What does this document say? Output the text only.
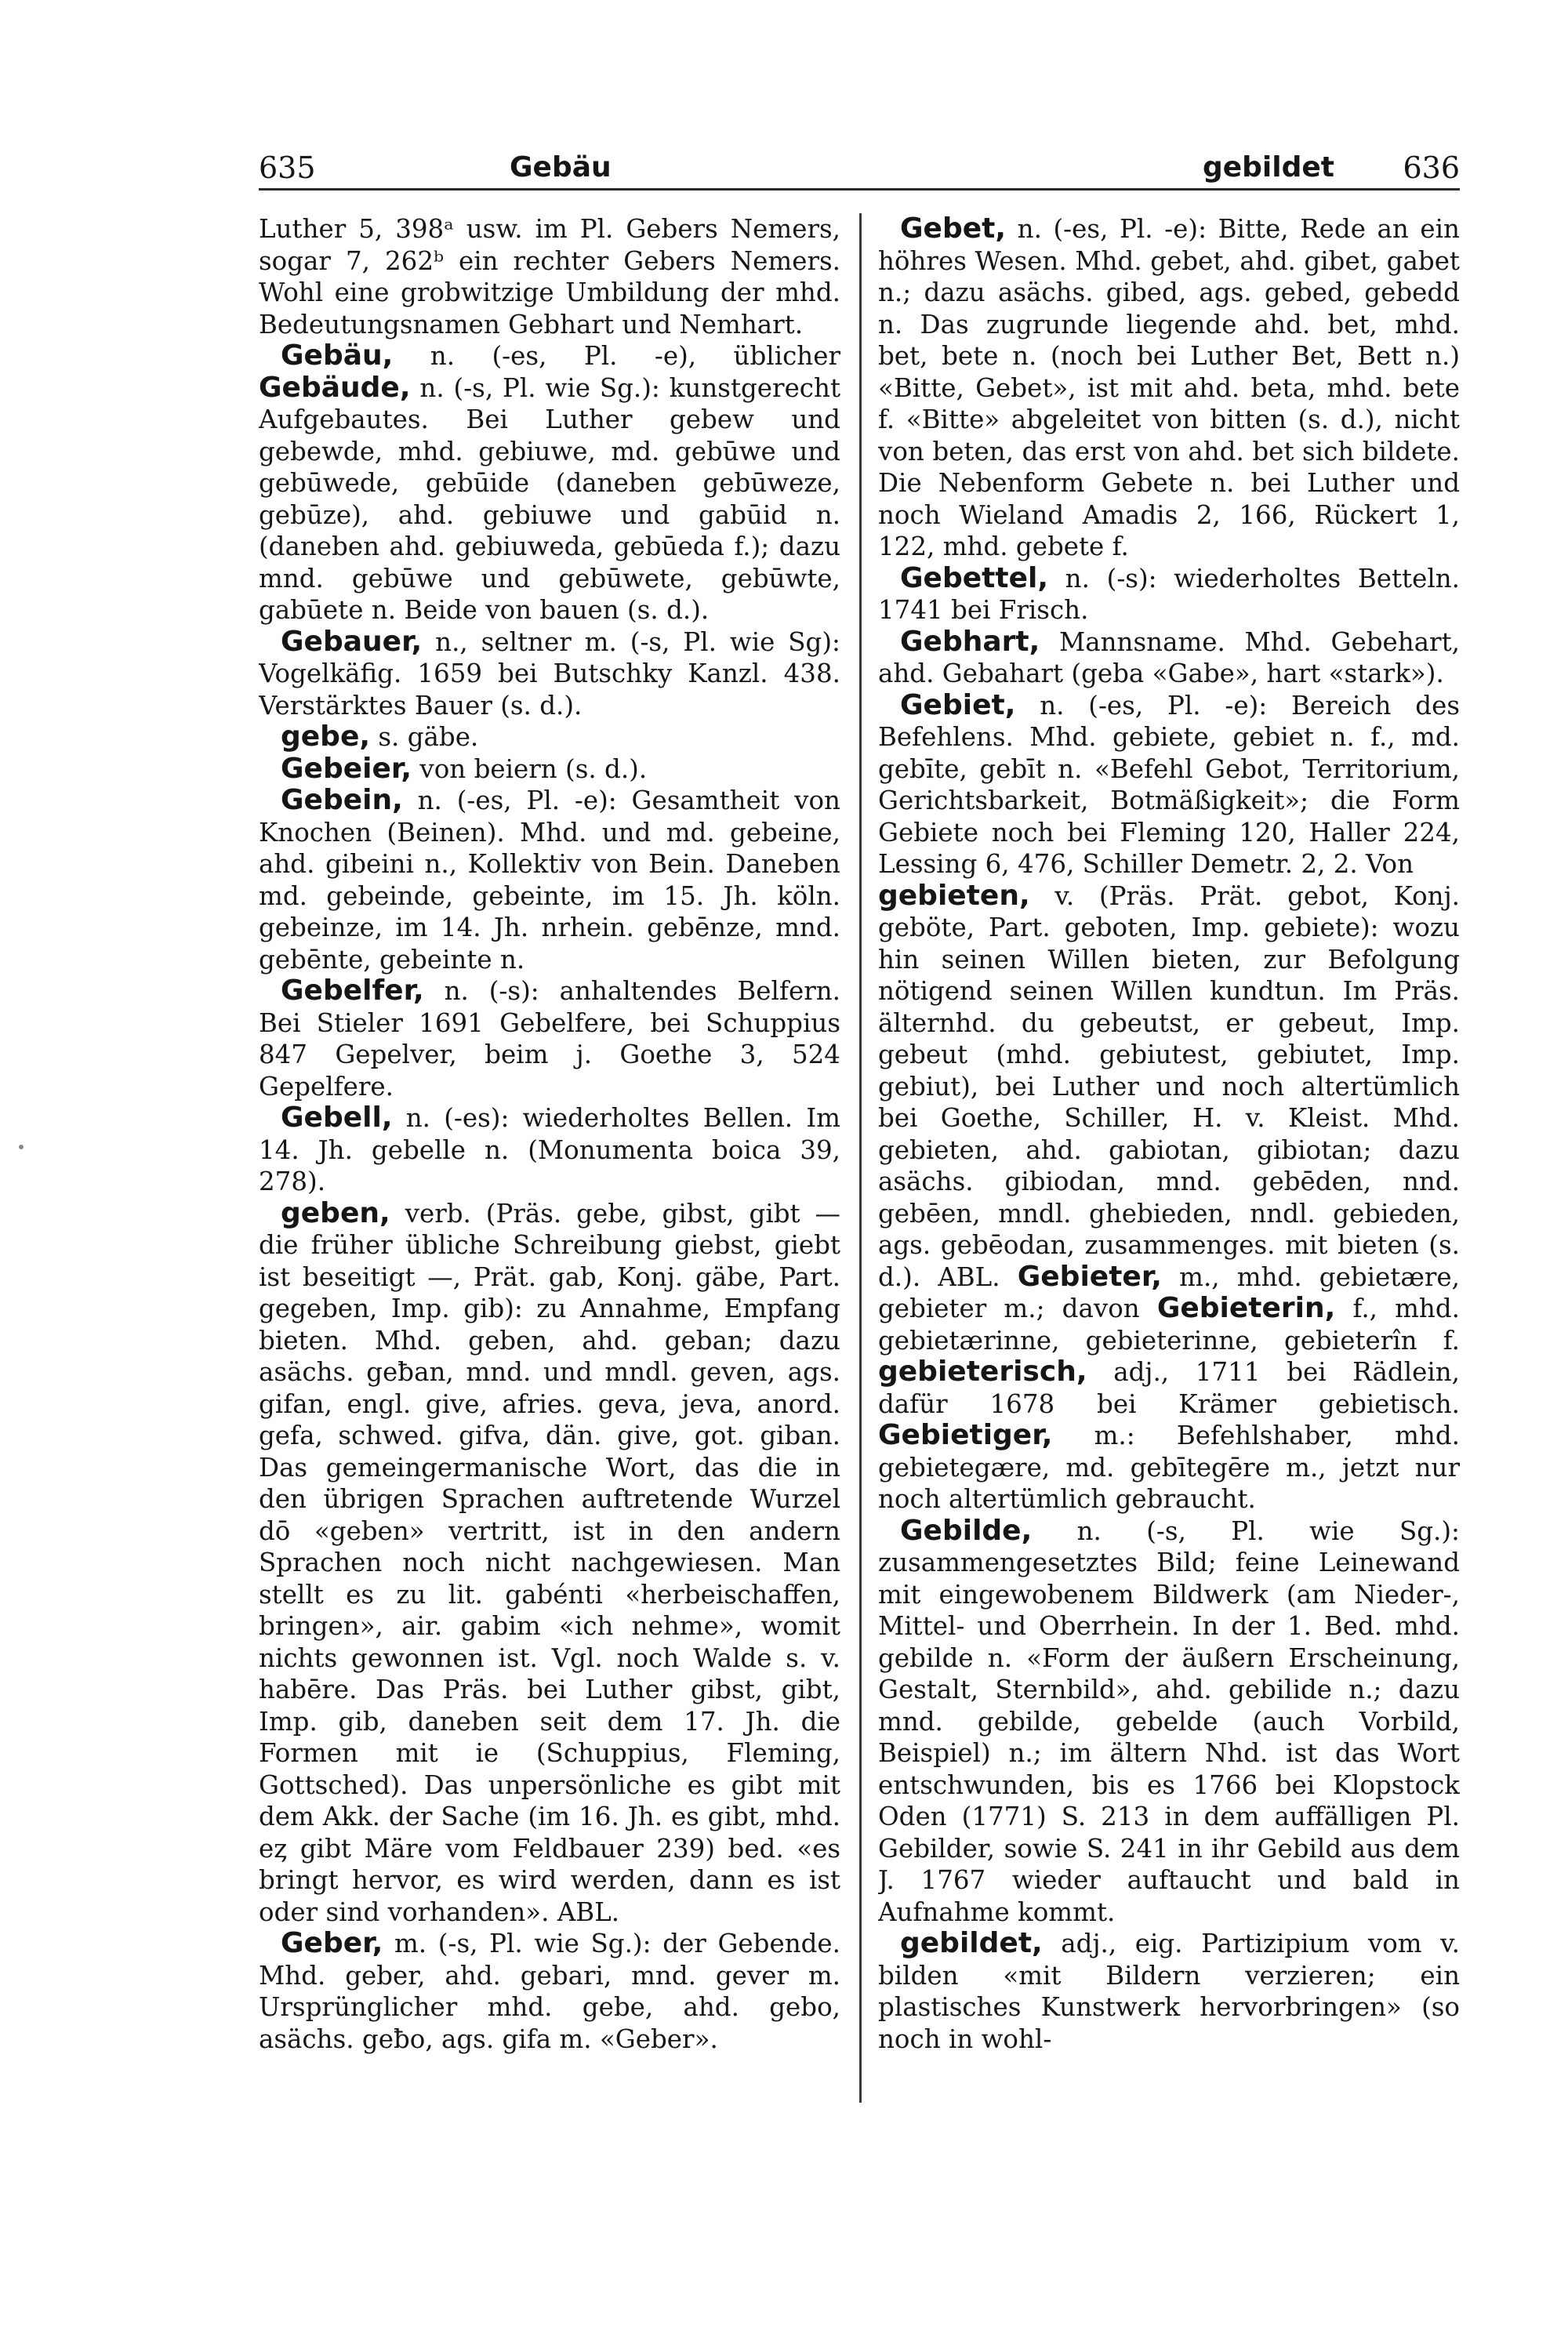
635	Gebäu	gebildet 636

Luther 5, 398ᵃ usw. im Pl. Gebers Nemers, sogar 7, 262ᵇ ein rechter Gebers Nemers. Wohl eine grobwitzige Umbildung der mhd. Bedeutungsnamen Gebhart und Nemhart.

Gebäu, n. (-es, Pl. -e), üblicher Gebäude, n. (-s, Pl. wie Sg.): kunstgerecht Aufgebautes. Bei Luther gebew und gebewde, mhd. gebiuwe, md. gebūwe und gebūwede, gebūide (daneben gebūweze, gebūze), ahd. gebiuwe und gabūid n. (daneben ahd. gebiuweda, gebūeda f.); dazu mnd. gebūwe und gebūwete, gebūwte, gabūete n. Beide von bauen (s. d.).

Gebauer, n., seltner m. (-s, Pl. wie Sg): Vogelkäfig. 1659 bei Butschky Kanzl. 438. Verstärktes Bauer (s. d.).

gebe, s. gäbe.

Gebeier, von beiern (s. d.).

Gebein, n. (-es, Pl. -e): Gesamtheit von Knochen (Beinen). Mhd. und md. gebeine, ahd. gibeini n., Kollektiv von Bein. Daneben md. gebeinde, gebeinte, im 15. Jh. köln. gebeinze, im 14. Jh. nrhein. gebēnze, mnd. gebēnte, gebeinte n.

Gebelfer, n. (-s): anhaltendes Belfern. Bei Stieler 1691 Gebelfere, bei Schuppius 847 Gepelver, beim j. Goethe 3, 524 Gepelfere.

Gebell, n. (-es): wiederholtes Bellen. Im 14. Jh. gebelle n. (Monumenta boica 39, 278).

geben, verb. (Präs. gebe, gibst, gibt — die früher übliche Schreibung giebst, giebt ist beseitigt —, Prät. gab, Konj. gäbe, Part. gegeben, Imp. gib): zu Annahme, Empfang bieten. Mhd. geben, ahd. geban; dazu asächs. geƀan, mnd. und mndl. geven, ags. gifan, engl. give, afries. geva, jeva, anord. gefa, schwed. gifva, dän. give, got. giban. Das gemeingermanische Wort, das die in den übrigen Sprachen auftretende Wurzel dō «geben» vertritt, ist in den andern Sprachen noch nicht nachgewiesen. Man stellt es zu lit. gabénti «herbeischaffen, bringen», air. gabim «ich nehme», womit nichts gewonnen ist. Vgl. noch Walde s. v. habēre. Das Präs. bei Luther gibst, gibt, Imp. gib, daneben seit dem 17. Jh. die Formen mit ie (Schuppius, Fleming, Gottsched). Das unpersönliche es gibt mit dem Akk. der Sache (im 16. Jh. es gibt, mhd. eȥ gibt Märe vom Feldbauer 239) bed. «es bringt hervor, es wird werden, dann es ist oder sind vorhanden». ABL.

Geber, m. (-s, Pl. wie Sg.): der Gebende. Mhd. geber, ahd. gebari, mnd. gever m. Ursprünglicher mhd. gebe, ahd. gebo, asächs. geƀo, ags. gifa m. «Geber».

Gebet, n. (-es, Pl. -e): Bitte, Rede an ein höhres Wesen. Mhd. gebet, ahd. gibet, gabet n.; dazu asächs. gibed, ags. gebed, gebedd n. Das zugrunde liegende ahd. bet, mhd. bet, bete n. (noch bei Luther Bet, Bett n.) «Bitte, Gebet», ist mit ahd. beta, mhd. bete f. «Bitte» abgeleitet von bitten (s. d.), nicht von beten, das erst von ahd. bet sich bildete. Die Nebenform Gebete n. bei Luther und noch Wieland Amadis 2, 166, Rückert 1, 122, mhd. gebete f.

Gebettel, n. (-s): wiederholtes Betteln. 1741 bei Frisch.

Gebhart, Mannsname. Mhd. Gebehart, ahd. Gebahart (geba «Gabe», hart «stark»).

Gebiet, n. (-es, Pl. -e): Bereich des Befehlens. Mhd. gebiete, gebiet n. f., md. gebīte, gebīt n. «Befehl Gebot, Territorium, Gerichtsbarkeit, Botmäßigkeit»; die Form Gebiete noch bei Fleming 120, Haller 224, Lessing 6, 476, Schiller Demetr. 2, 2. Von

gebieten, v. (Präs. Prät. gebot, Konj. geböte, Part. geboten, Imp. gebiete): wozu hin seinen Willen bieten, zur Befolgung nötigend seinen Willen kundtun. Im Präs. älternhd. du gebeutst, er gebeut, Imp. gebeut (mhd. gebiutest, gebiutet, Imp. gebiut), bei Luther und noch altertümlich bei Goethe, Schiller, H. v. Kleist. Mhd. gebieten, ahd. gabiotan, gibiotan; dazu asächs. gibiodan, mnd. gebēden, nnd. gebēen, mndl. ghebieden, nndl. gebieden, ags. gebēodan, zusammenges. mit bieten (s. d.). ABL. Gebieter, m., mhd. gebietære, gebieter m.; davon Gebieterin, f., mhd. gebietærinne, gebieterinne, gebieterîn f. gebieterisch, adj., 1711 bei Rädlein, dafür 1678 bei Krämer gebietisch. Gebietiger, m.: Befehlshaber, mhd. gebietegære, md. gebītegēre m., jetzt nur noch altertümlich gebraucht.

Gebilde, n. (-s, Pl. wie Sg.): zusammengesetztes Bild; feine Leinewand mit eingewobenem Bildwerk (am Nieder-, Mittel- und Oberrhein. In der 1. Bed. mhd. gebilde n. «Form der äußern Erscheinung, Gestalt, Sternbild», ahd. gebilide n.; dazu mnd. gebilde, gebelde (auch Vorbild, Beispiel) n.; im ältern Nhd. ist das Wort entschwunden, bis es 1766 bei Klopstock Oden (1771) S. 213 in dem auffälligen Pl. Gebilder, sowie S. 241 in ihr Gebild aus dem J. 1767 wieder auftaucht und bald in Aufnahme kommt.

gebildet, adj., eig. Partizipium vom v. bilden «mit Bildern verzieren; ein plastisches Kunstwerk hervorbringen» (so noch in wohl-
